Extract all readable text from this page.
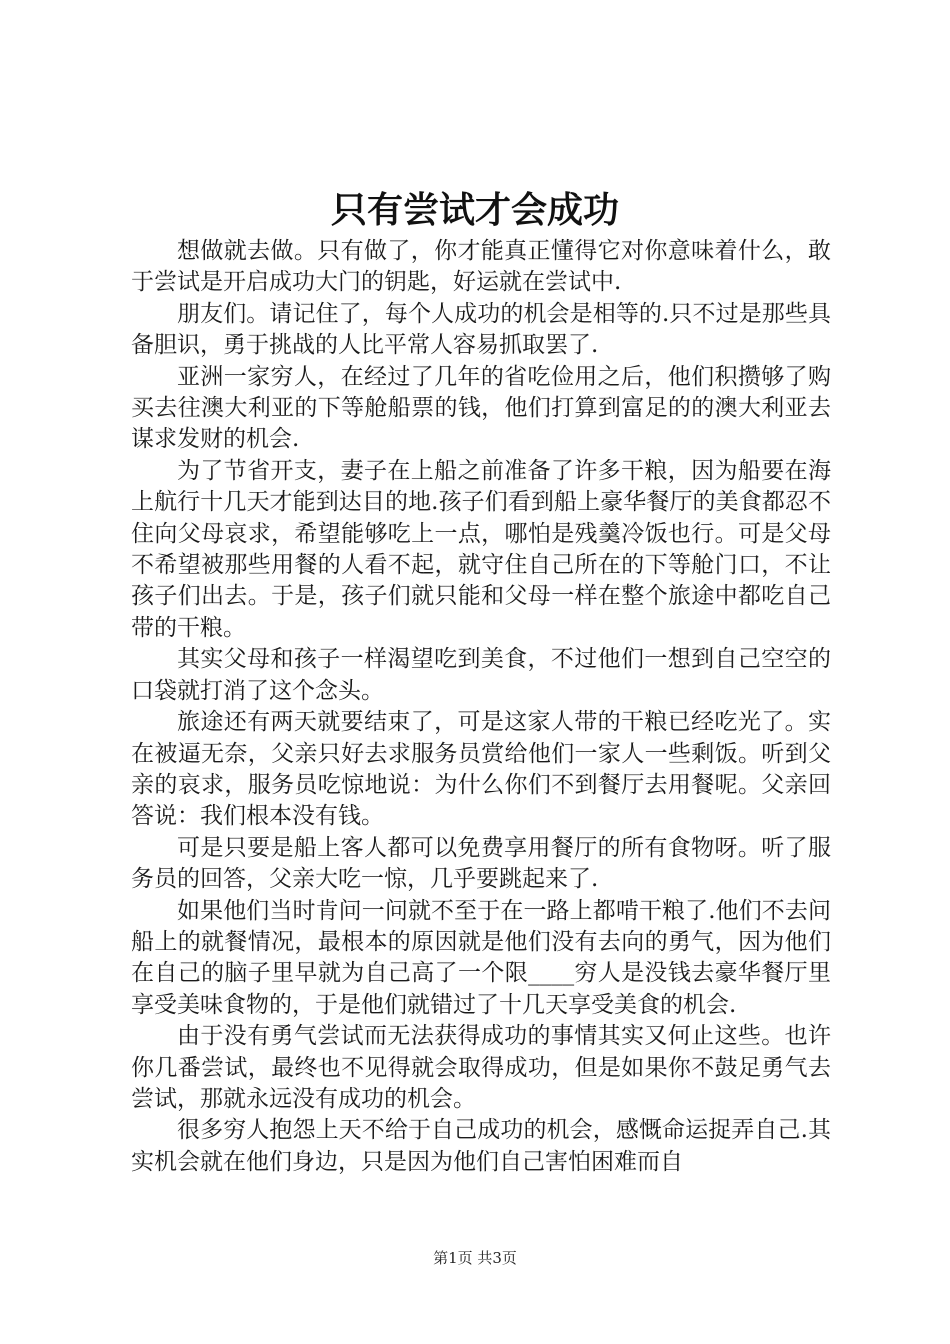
只有尝试才会成功

想做就去做。只有做了，你才能真正懂得它对你意味着什么，敢于尝试是开启成功大门的钥匙，好运就在尝试中.

朋友们。请记住了，每个人成功的机会是相等的.只不过是那些具备胆识，勇于挑战的人比平常人容易抓取罢了.

亚洲一家穷人，在经过了几年的省吃俭用之后，他们积攒够了购买去往澳大利亚的下等舱船票的钱，他们打算到富足的的澳大利亚去谋求发财的机会.

为了节省开支，妻子在上船之前准备了许多干粮，因为船要在海上航行十几天才能到达目的地.孩子们看到船上豪华餐厅的美食都忍不住向父母哀求，希望能够吃上一点，哪怕是残羹冷饭也行。可是父母不希望被那些用餐的人看不起，就守住自己所在的下等舱门口，不让孩子们出去。于是，孩子们就只能和父母一样在整个旅途中都吃自己带的干粮。

其实父母和孩子一样渴望吃到美食，不过他们一想到自己空空的口袋就打消了这个念头。

旅途还有两天就要结束了，可是这家人带的干粮已经吃光了。实在被逼无奈，父亲只好去求服务员赏给他们一家人一些剩饭。听到父亲的哀求，服务员吃惊地说：为什么你们不到餐厅去用餐呢。父亲回答说：我们根本没有钱。

可是只要是船上客人都可以免费享用餐厅的所有食物呀。听了服务员的回答，父亲大吃一惊，几乎要跳起来了.

如果他们当时肯问一问就不至于在一路上都啃干粮了.他们不去问船上的就餐情况，最根本的原因就是他们没有去向的勇气，因为他们在自己的脑子里早就为自己高了一个限____穷人是没钱去豪华餐厅里享受美味食物的，于是他们就错过了十几天享受美食的机会.

由于没有勇气尝试而无法获得成功的事情其实又何止这些。也许你几番尝试，最终也不见得就会取得成功，但是如果你不鼓足勇气去尝试，那就永远没有成功的机会。

很多穷人抱怨上天不给于自己成功的机会，感慨命运捉弄自己.其实机会就在他们身边，只是因为他们自己害怕困难而自

第1页 共3页
